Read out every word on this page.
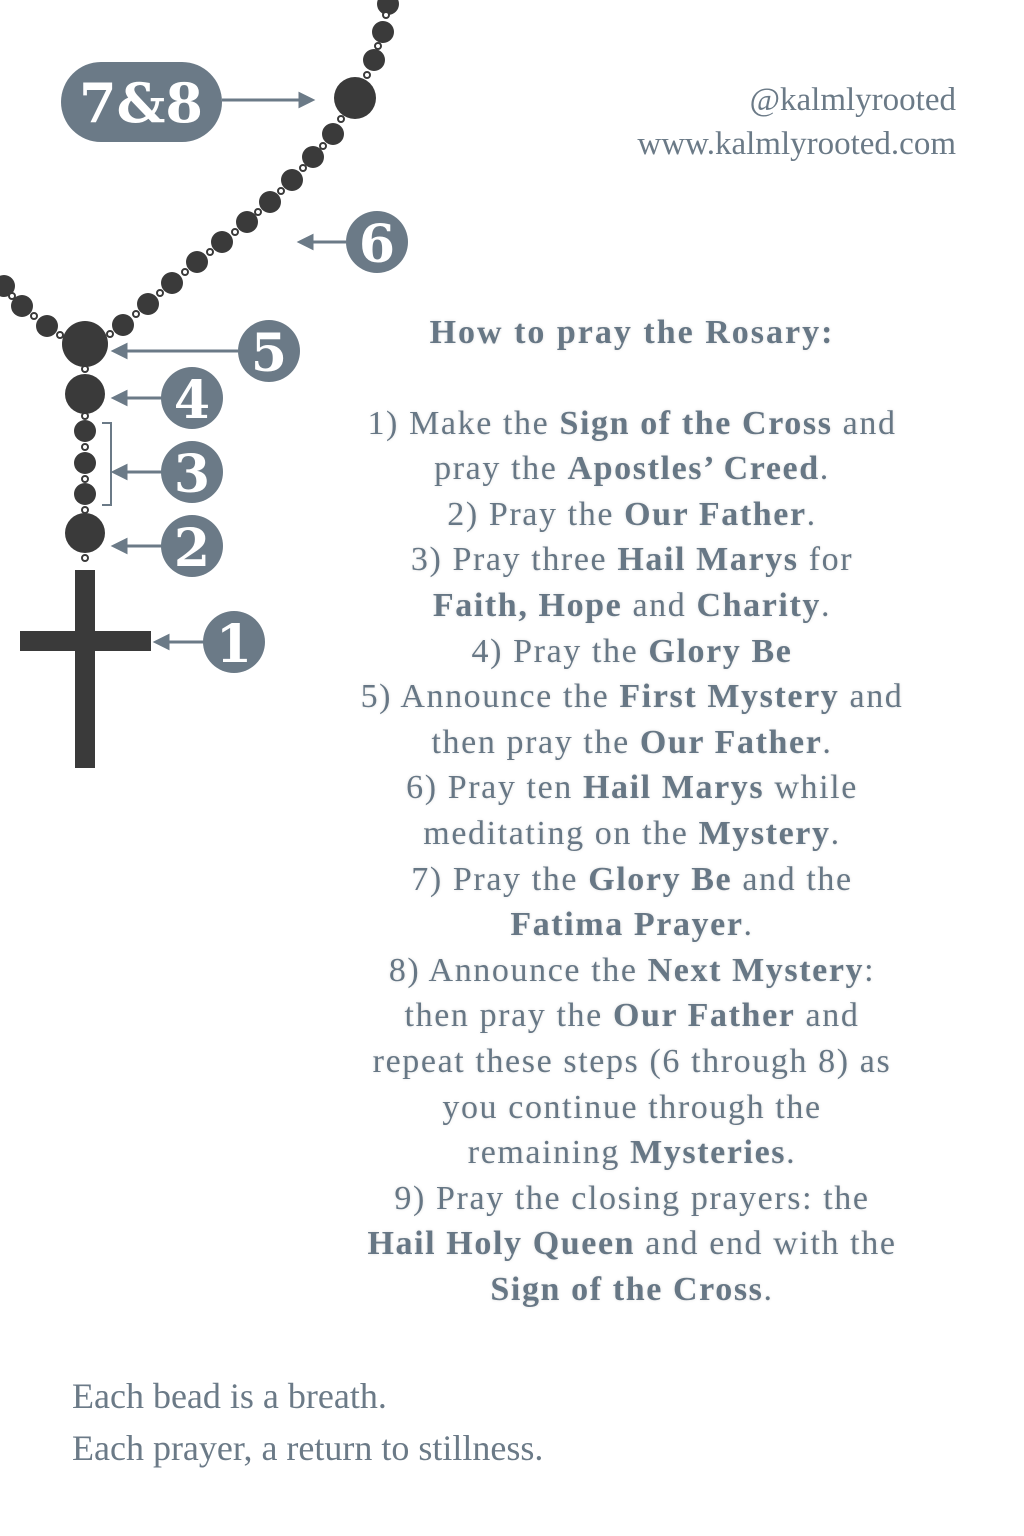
7&8
6
5
4
3
2
1
@kalmlyrooted
www.kalmlyrooted.com
How to pray the Rosary:
1) Make the Sign of the Cross and
pray the Apostles’ Creed.
2) Pray the Our Father.
3) Pray three Hail Marys for
Faith, Hope and Charity.
4) Pray the Glory Be
5) Announce the First Mystery and
then pray the Our Father.
6) Pray ten Hail Marys while
meditating on the Mystery.
7) Pray the Glory Be and the
Fatima Prayer.
8) Announce the Next Mystery:
then pray the Our Father and
repeat these steps (6 through 8) as
you continue through the
remaining Mysteries.
9) Pray the closing prayers: the
Hail Holy Queen and end with the
Sign of the Cross.
Each bead is a breath.
Each prayer, a return to stillness.
